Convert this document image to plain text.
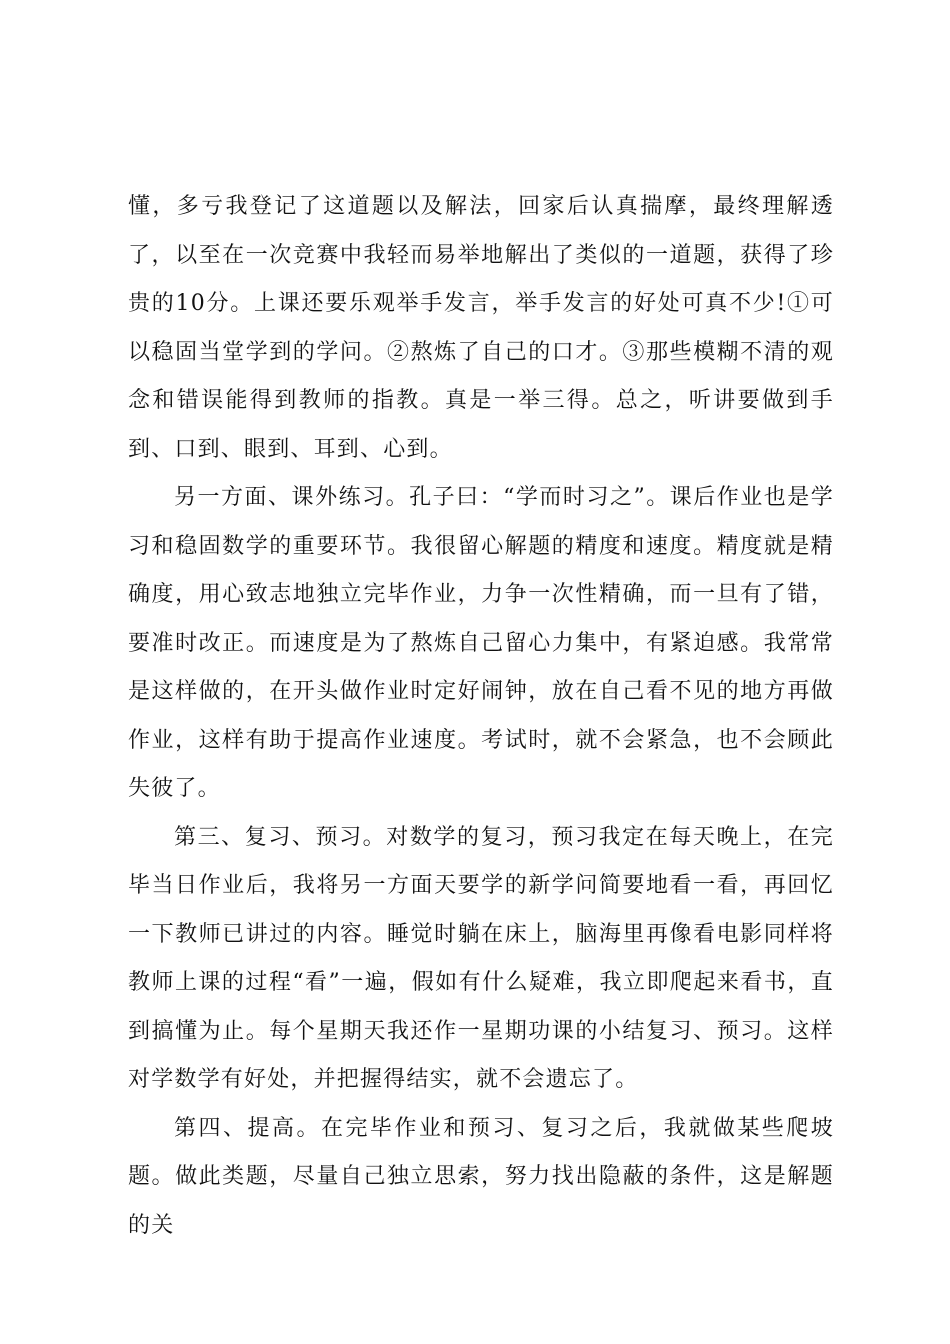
懂，多亏我登记了这道题以及解法，回家后认真揣摩，最终理解透了，以至在一次竞赛中我轻而易举地解出了类似的一道题，获得了珍贵的10分。上课还要乐观举手发言，举手发言的好处可真不少!①可以稳固当堂学到的学问。②熬炼了自己的口才。③那些模糊不清的观念和错误能得到教师的指教。真是一举三得。总之，听讲要做到手到、口到、眼到、耳到、心到。

另一方面、课外练习。孔子曰：“学而时习之”。课后作业也是学习和稳固数学的重要环节。我很留心解题的精度和速度。精度就是精确度，用心致志地独立完毕作业，力争一次性精确，而一旦有了错，要准时改正。而速度是为了熬炼自己留心力集中，有紧迫感。我常常是这样做的，在开头做作业时定好闹钟，放在自己看不见的地方再做作业，这样有助于提高作业速度。考试时，就不会紧急，也不会顾此失彼了。

第三、复习、预习。对数学的复习，预习我定在每天晚上，在完毕当日作业后，我将另一方面天要学的新学问简要地看一看，再回忆一下教师已讲过的内容。睡觉时躺在床上，脑海里再像看电影同样将教师上课的过程“看”一遍，假如有什么疑难，我立即爬起来看书，直到搞懂为止。每个星期天我还作一星期功课的小结复习、预习。这样对学数学有好处，并把握得结实，就不会遗忘了。

第四、提高。在完毕作业和预习、复习之后，我就做某些爬坡题。做此类题，尽量自己独立思索，努力找出隐蔽的条件，这是解题的关
